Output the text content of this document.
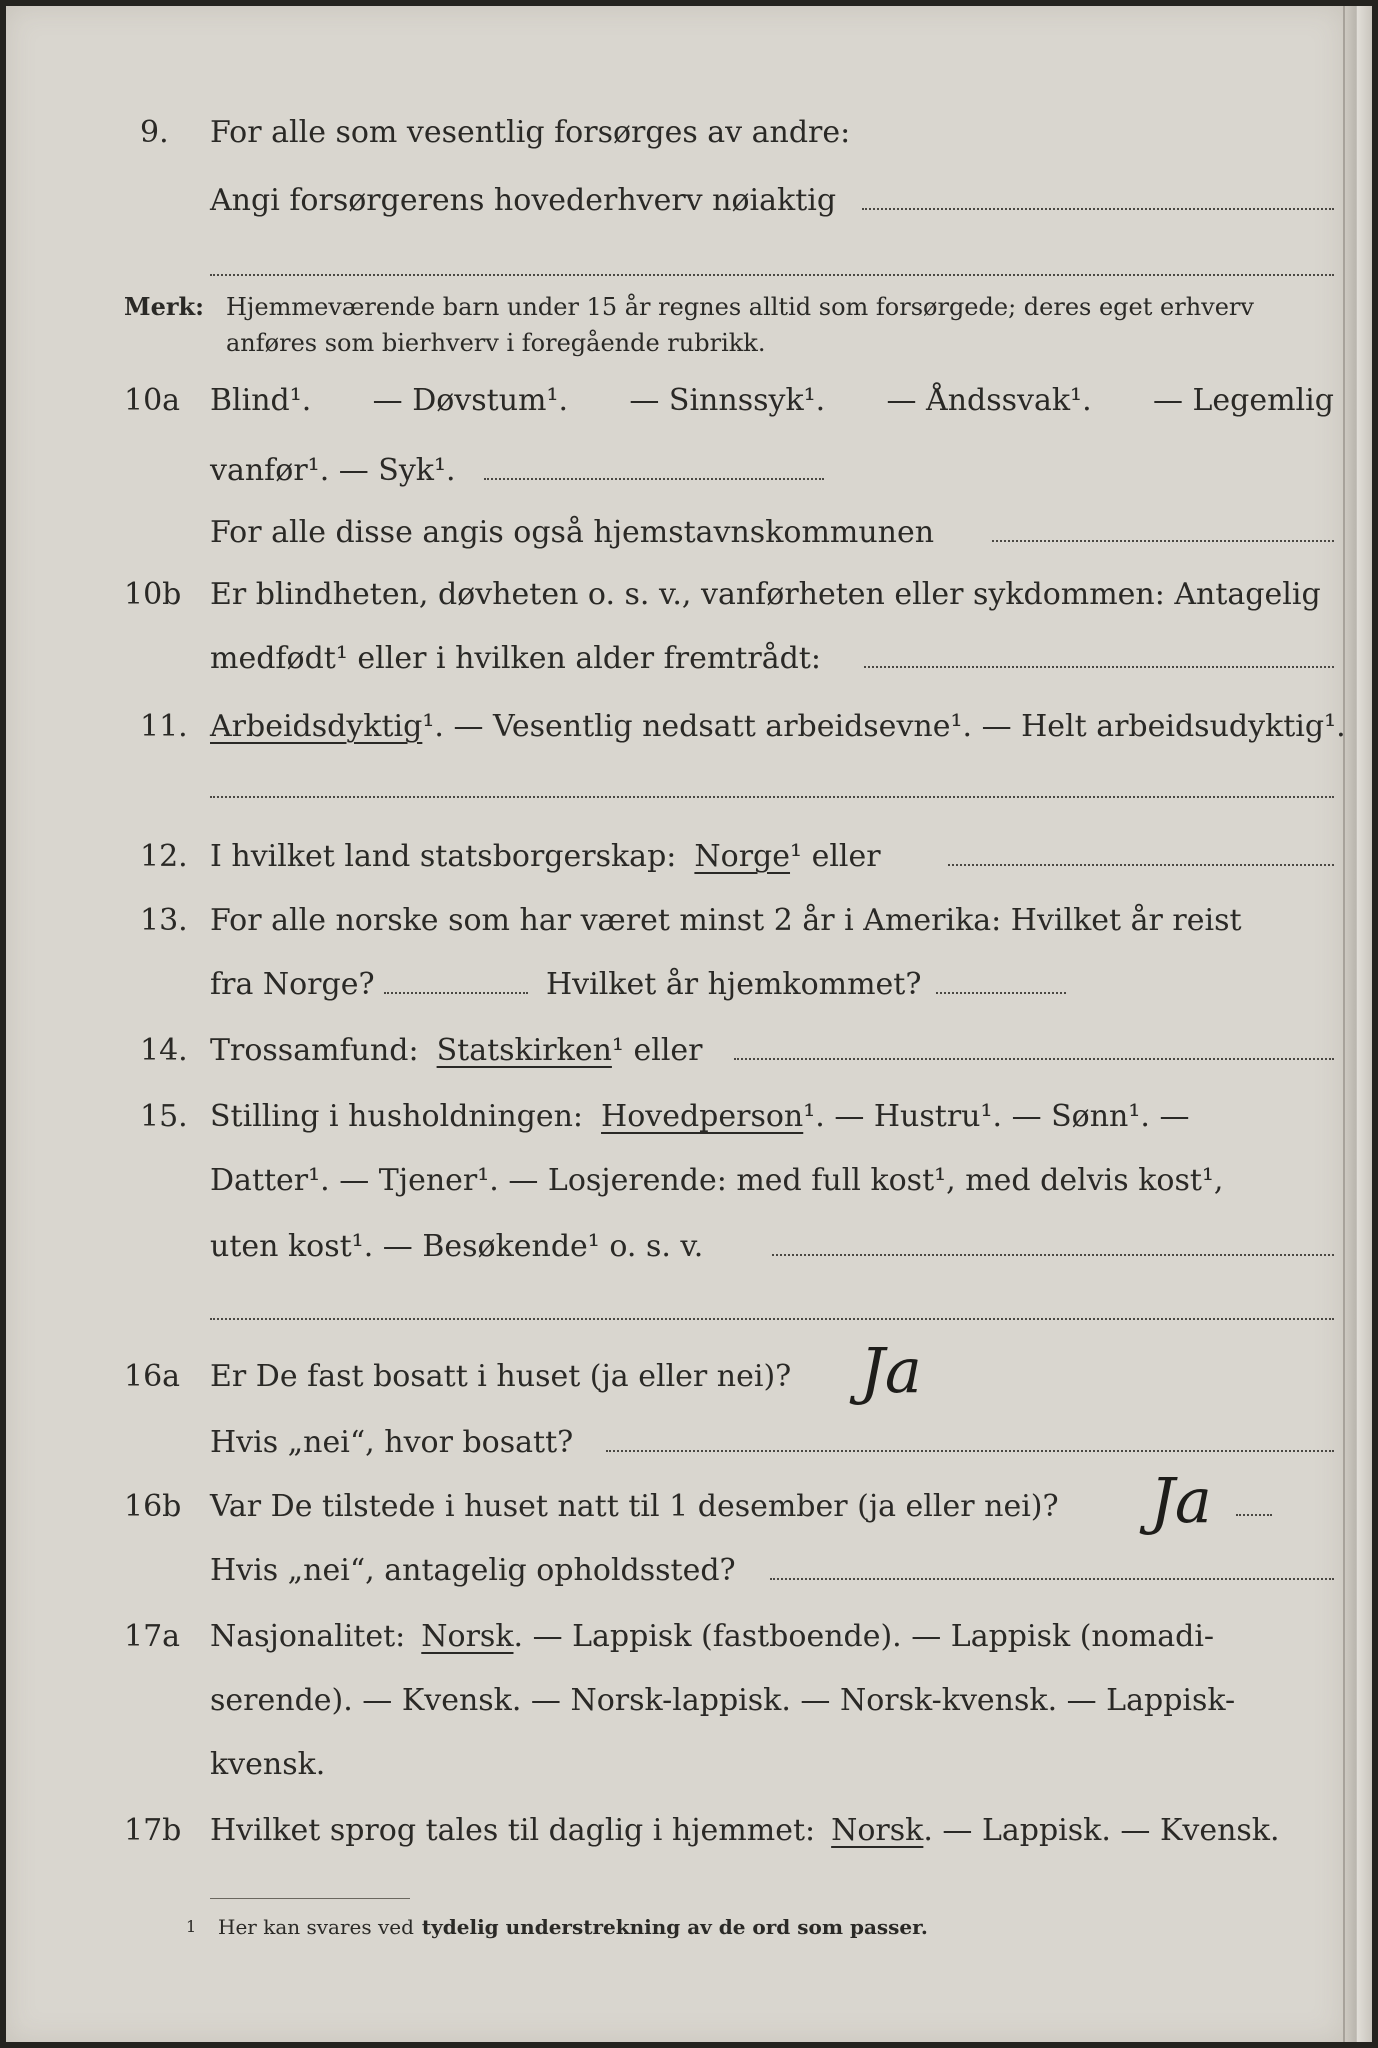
9.	For alle som vesentlig forsørges av andre:
Angi forsørgerens hovederhverv nøiaktig
Merk: Hjemmeværende barn under 15 år regnes alltid som forsørgede; deres eget erhverv
anføres som bierhverv i foregående rubrikk.
10a Blind¹. — Døvstum¹. — Sinnssyk¹. — Åndssvak¹. — Legemlig
vanfør¹. — Syk¹.
For alle disse angis også hjemstavnskommunen
10b Er blindheten, døvheten o. s. v., vanførheten eller sykdommen: Antagelig
medfødt¹ eller i hvilken alder fremtrådt:
11. Arbeidsdyktig ¹. — Vesentlig nedsatt arbeidsevne¹. — Helt arbeidsudyktig¹.
12. I hvilket land statsborgerskap: Norge ¹ eller
13. For alle norske som har været minst 2 år i Amerika: Hvilket år reist
fra Norge?	Hvilket år hjemkommet?
14. Trossamfund: Statskirken ¹ eller
15. Stilling i husholdningen: Hovedperson ¹. — Hustru¹. — Sønn¹. —
Datter¹. — Tjener¹. — Losjerende: med full kost¹, med delvis kost¹,
uten kost¹. — Besøkende¹ o. s. v.
16a Er De fast bosatt i huset (ja eller nei)? Ja
Hvis „nei“, hvor bosatt?
16b Var De tilstede i huset natt til 1 desember (ja eller nei)? Ja
Hvis „nei“, antagelig opholdssted?
17a Nasjonalitet: Norsk . — Lappisk (fastboende). — Lappisk (nomadi-
serende). — Kvensk. — Norsk-lappisk. — Norsk-kvensk. — Lappisk-
kvensk.
17b Hvilket sprog tales til daglig i hjemmet: Norsk . — Lappisk. — Kvensk.
1 Her kan svares ved tydelig understrekning av de ord som passer.
